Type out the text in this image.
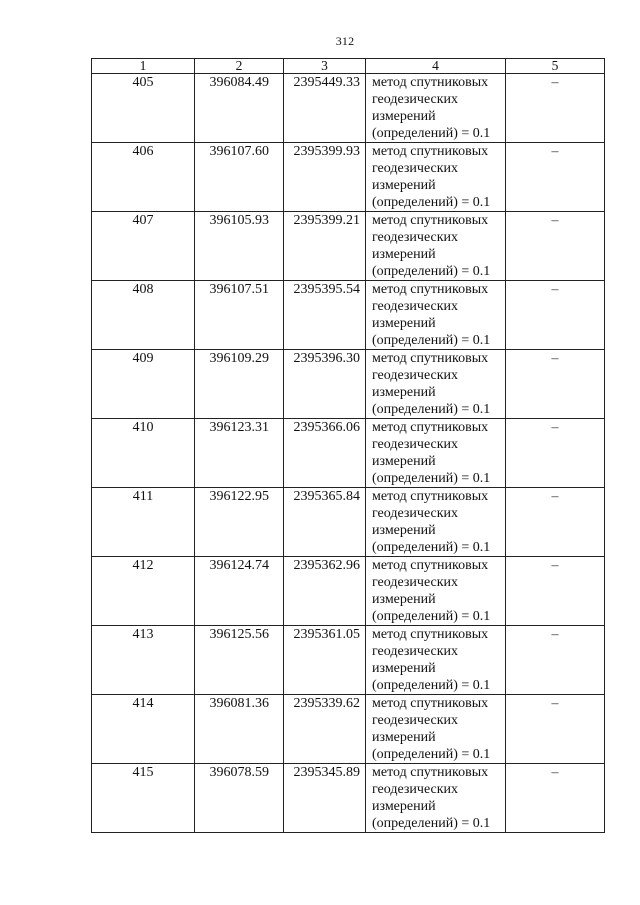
312
1	2	3	4	5
405	396084.49	2395449.33	метод спутниковых
геодезических
измерений
(определений) = 0.1	–
406	396107.60	2395399.93	метод спутниковых
геодезических
измерений
(определений) = 0.1	–
407	396105.93	2395399.21	метод спутниковых
геодезических
измерений
(определений) = 0.1	–
408	396107.51	2395395.54	метод спутниковых
геодезических
измерений
(определений) = 0.1	–
409	396109.29	2395396.30	метод спутниковых
геодезических
измерений
(определений) = 0.1	–
410	396123.31	2395366.06	метод спутниковых
геодезических
измерений
(определений) = 0.1	–
411	396122.95	2395365.84	метод спутниковых
геодезических
измерений
(определений) = 0.1	–
412	396124.74	2395362.96	метод спутниковых
геодезических
измерений
(определений) = 0.1	–
413	396125.56	2395361.05	метод спутниковых
геодезических
измерений
(определений) = 0.1	–
414	396081.36	2395339.62	метод спутниковых
геодезических
измерений
(определений) = 0.1	–
415	396078.59	2395345.89	метод спутниковых
геодезических
измерений
(определений) = 0.1	–
